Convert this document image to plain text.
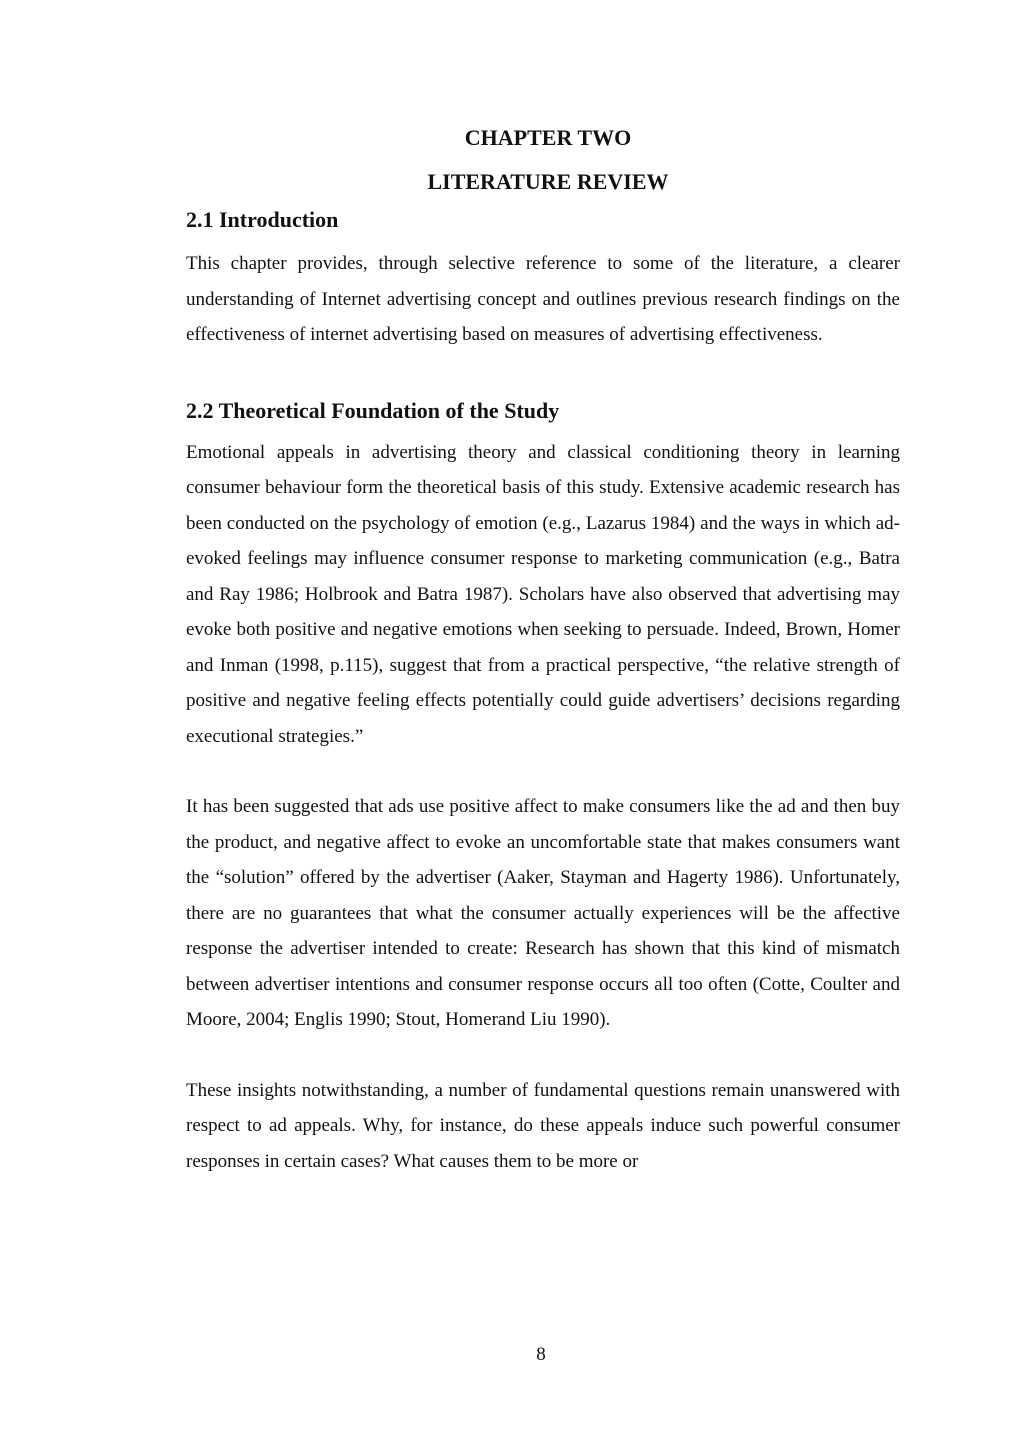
CHAPTER TWO
LITERATURE REVIEW
2.1 Introduction

This chapter provides, through selective reference to some of the literature, a clearer understanding of Internet advertising concept and outlines previous research findings on the effectiveness of internet advertising based on measures of advertising effectiveness.

2.2 Theoretical Foundation of the Study

Emotional appeals in advertising theory and classical conditioning theory in learning consumer behaviour form the theoretical basis of this study. Extensive academic research has been conducted on the psychology of emotion (e.g., Lazarus 1984) and the ways in which ad-evoked feelings may influence consumer response to marketing communication (e.g., Batra and Ray 1986; Holbrook and Batra 1987). Scholars have also observed that advertising may evoke both positive and negative emotions when seeking to persuade. Indeed, Brown, Homer and Inman (1998, p.115), suggest that from a practical perspective, “the relative strength of positive and negative feeling effects potentially could guide advertisers’ decisions regarding executional strategies.”

It has been suggested that ads use positive affect to make consumers like the ad and then buy the product, and negative affect to evoke an uncomfortable state that makes consumers want the “solution” offered by the advertiser (Aaker, Stayman and Hagerty 1986). Unfortunately, there are no guarantees that what the consumer actually experiences will be the affective response the advertiser intended to create: Research has shown that this kind of mismatch between advertiser intentions and consumer response occurs all too often (Cotte, Coulter and Moore, 2004; Englis 1990; Stout, Homerand Liu 1990).

These insights notwithstanding, a number of fundamental questions remain unanswered with respect to ad appeals. Why, for instance, do these appeals induce such powerful consumer responses in certain cases? What causes them to be more or

8
